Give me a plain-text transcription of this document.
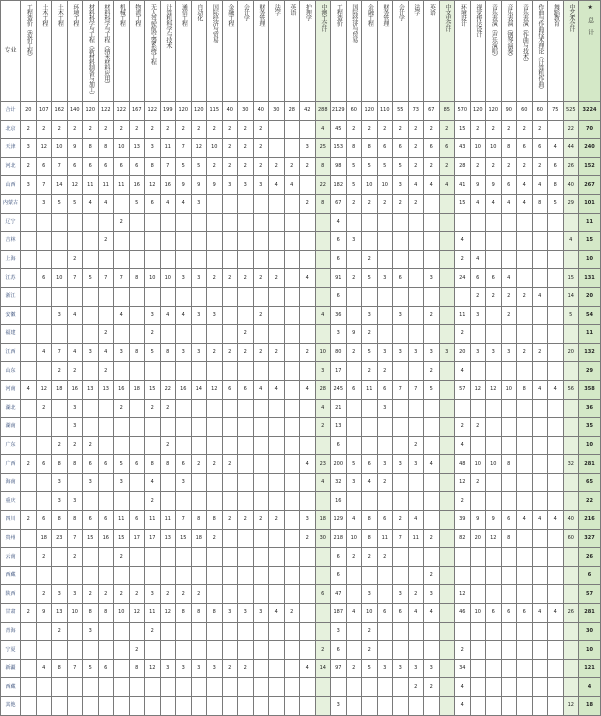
专业	工程造价（造价工程）	土木工程	土木工程	环境工程	材料科学与工程（新材料制备与加工）	材料科学与工程（纳米材料应用）	机械工程	物流工程	无人驾驶航空器系统工程	计算机科学与技术	通信工程	自动化	国际经济与贸易	金融工程	会计学	财务管理	法学	英语	护理学	中澳工会计	工程造价	国际经济与贸易	金融工程	财务管理	会计学	法学	英语	中文史会计	环境设计	视觉传达设计	音乐表演（声乐演唱）	音乐表演（钢琴演奏）	音乐表演（作曲与技术）	作曲与作曲技术理论（计算机作曲）	舞蹈教育	中艺术会计	★ 总 计
合计	20	107	162	140	120	122	122	167	122	199	120	120	115	40	30	40	30	28	42	288	2129	60	120	110	55	73	67	85	570	120	120	90	60	60	75	525	3224
北京	2	2	2	2	2	2	2	2	2	2	2	2	2	2	2	2				4	45	2	2	2	2	2	2	2	15	2	2	2	2	2		22	70
天津	3	12	10	9	8	8	10	13	3	11	7	12	10	2	2	2			3	25	153	8	8	6	6	2	6	6	43	10	10	8	6	6	4	44	240
河北	2	6	7	6	6	6	6	6	8	7	5	5	2	2	2	2	2	2	2	8	98	5	5	5	5	2	2	2	28	2	2	2	2	2	6	26	152
山西	3	7	14	12	11	11	11	16	12	16	9	9	9	3	3	3	4	4		22	182	5	10	10	3	4	4	4	41	9	9	6	4	4	8	40	267
内蒙古		3	5	5	4	4		5	6	4	4	3							2	8	67	2	2	2	2	2			15	4	4	4	4	8	5	29	101
辽宁							2														4																11
吉林						2															6	3							4							4	15
上海				2																	6		2						2	4							10
江苏		6	10	7	5	7	7	8	10	10	3	3	2	2	2	2	2		4		91	2	5	3	6		3		24	6	6	4				15	131
浙江																					6									2	2	2	2	4		14	20
安徽			3	4			4		3	4	4	3	3			2				4	36		3		3		2		11	3		2				5	54
福建						2			2						2						3	9	2						2								11
江西		4	7	4	3	4	3	8	5	8	3	3	2	2	2	2	2		2	10	80	2	5	3	3	3	3	3	20	3	3	3	2	2		20	132
山东			2	2		2														3	17		2	2			2		4								29
河南	4	12	18	16	13	13	16	18	15	22	16	14	12	6	6	4	4		4	28	245	6	11	6	7	7	5		57	12	12	10	8	4	4	56	358
湖北		2		3			2		2	2										4	21			3													36
湖南				3																2	13								2	2							35
广东			2	2	2					2											6					2			4								10
广西	2	6	8	8	6	6	5	6	8	8	6	2	2	2					4	23	200	5	6	3	3	3	4		48	10	10	8				32	281
海南			3		3		3		4		3									4	32	3	4	2					12	2							65
重庆			3	3					2												16								2								22
四川	2	6	8	8	6	6	11	6	11	11	7	8	8	2	2	2	2		3	18	129	4	8	6	2	4			39	9	9	6	4	4	4	40	216
贵州		18	23	7	15	16	15	17	17	13	15	18	2						2	30	218	10	8	11	7	11	2		82	20	12	8				60	327
云南		2		2			2														6	2	2	2													26
西藏																					6						2										6
陕西		2	3	3	2	2	2	2	3	2	2	2								6	47		3		3	2	3		12								57
甘肃	2	9	13	10	8	8	10	12	11	12	8	8	8	3	3	3	4	2			187	4	10	6	6	4	4		46	10	6	6	6	4	4	26	281
青海			2		3				2												3		2														30
宁夏								2												2	6		2						2								10
新疆		4	8	7	5	6		8	12	3	3	3	3	2	2				4	14	97	2	5	3	3	3	3		34								121
西藏																										2	2		4								4
其他																					3								4							12	18
